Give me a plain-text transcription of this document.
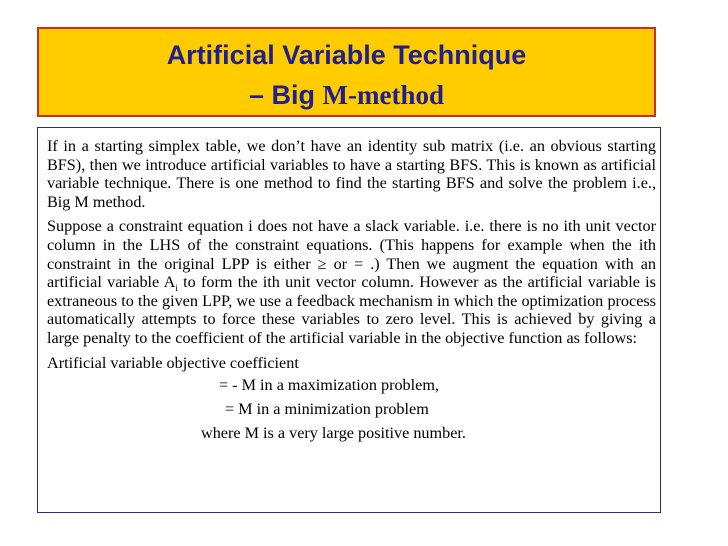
Artificial Variable Technique
– Big M-method

If in a starting simplex table, we don’t have an identity sub matrix (i.e. an obvious starting BFS), then we introduce artificial variables to have a starting BFS. This is known as artificial variable technique. There is one method to find the starting BFS and solve the problem i.e., Big M method.

Suppose a constraint equation i does not have a slack variable. i.e. there is no ith unit vector column in the LHS of the constraint equations. (This happens for example when the ith constraint in the original LPP is either ≥ or = .) Then we augment the equation with an artificial variable $A_i$ to form the ith unit vector column. However as the artificial variable is extraneous to the given LPP, we use a feedback mechanism in which the optimization process automatically attempts to force these variables to zero level. This is achieved by giving a large penalty to the coefficient of the artificial variable in the objective function as follows:

Artificial variable objective coefficient
= - M in a maximization problem,
= M in a minimization problem
where M is a very large positive number.
